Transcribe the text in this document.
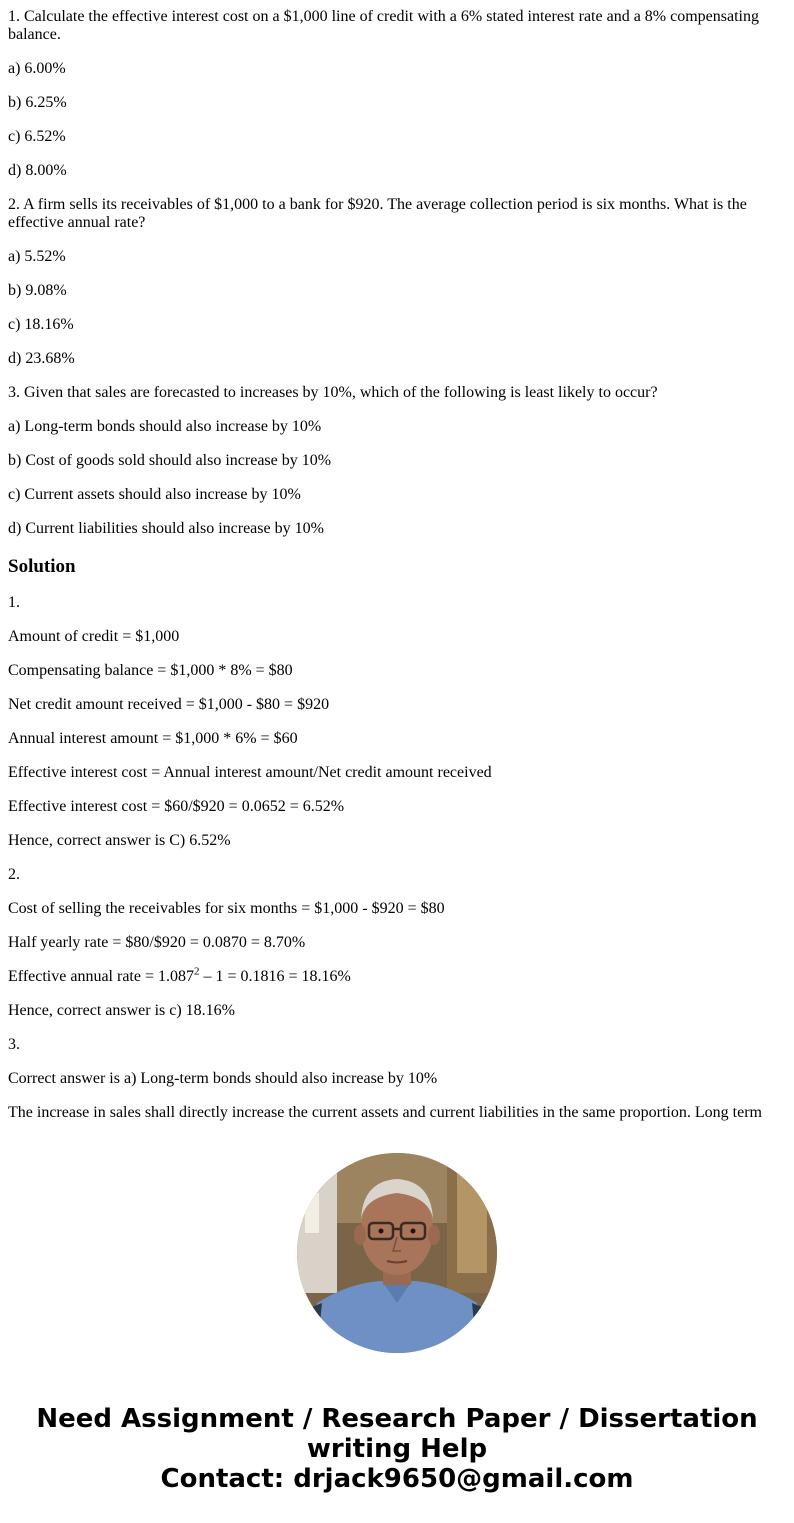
1. Calculate the effective interest cost on a $1,000 line of credit with a 6% stated interest rate and a 8% compensating balance.

a) 6.00%

b) 6.25%

c) 6.52%

d) 8.00%

2. A firm sells its receivables of $1,000 to a bank for $920. The average collection period is six months. What is the effective annual rate?

a) 5.52%

b) 9.08%

c) 18.16%

d) 23.68%

3. Given that sales are forecasted to increases by 10%, which of the following is least likely to occur?

a) Long-term bonds should also increase by 10%

b) Cost of goods sold should also increase by 10%

c) Current assets should also increase by 10%

d) Current liabilities should also increase by 10%

Solution

1.

Amount of credit = $1,000

Compensating balance = $1,000 * 8% = $80

Net credit amount received = $1,000 - $80 = $920

Annual interest amount = $1,000 * 6% = $60

Effective interest cost = Annual interest amount/Net credit amount received

Effective interest cost = $60/$920 = 0.0652 = 6.52%

Hence, correct answer is C) 6.52%

2.

Cost of selling the receivables for six months = $1,000 - $920 = $80

Half yearly rate = $80/$920 = 0.0870 = 8.70%

Effective annual rate = $1.087^2 - 1 = 0.1816 = 18.16\%$

Hence, correct answer is c) 18.16%

3.

Correct answer is a) Long-term bonds should also increase by 10%

The increase in sales shall directly increase the current assets and current liabilities in the same proportion. Long term

Need Assignment / Research Paper / Dissertation
writing Help
Contact: drjack9650@gmail.com
